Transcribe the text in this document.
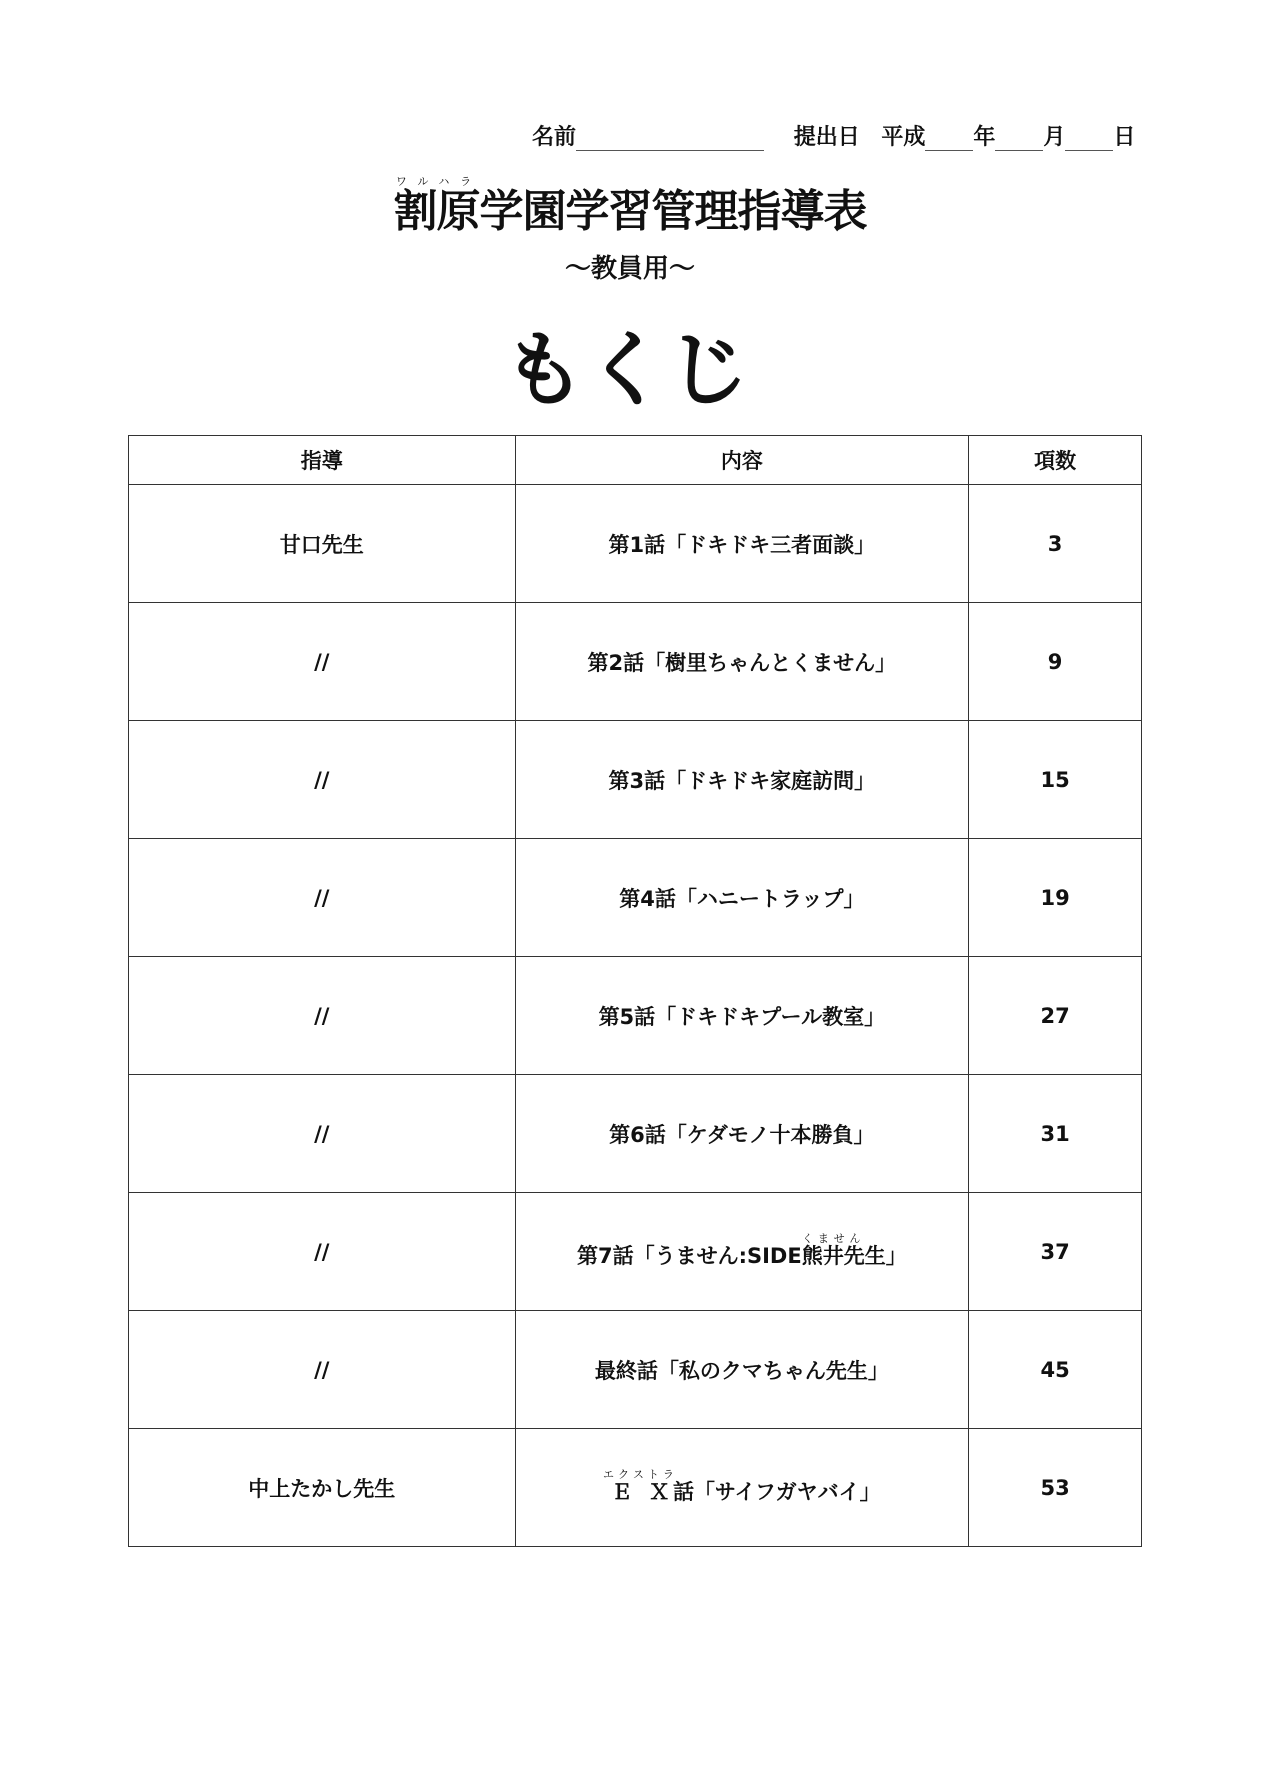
名前	提出日 平成 年 月 日
割原ワルハラ学園学習管理指導表
～教員用～
もくじ
指導	内容	項数
甘口先生	第1話「ドキドキ三者面談」	3
//	第2話「樹里ちゃんとくません」	9
//	第3話「ドキドキ家庭訪問」	15
//	第4話「ハニートラップ」	19
//	第5話「ドキドキプール教室」	27
//	第6話「ケダモノ十本勝負」	31
//	第7話「うません:SIDE熊井先くません生」	37
//	最終話「私のクマちゃん先生」	45
中上たかし先生	ＥＸエクストラ話「サイフガヤバイ」	53
